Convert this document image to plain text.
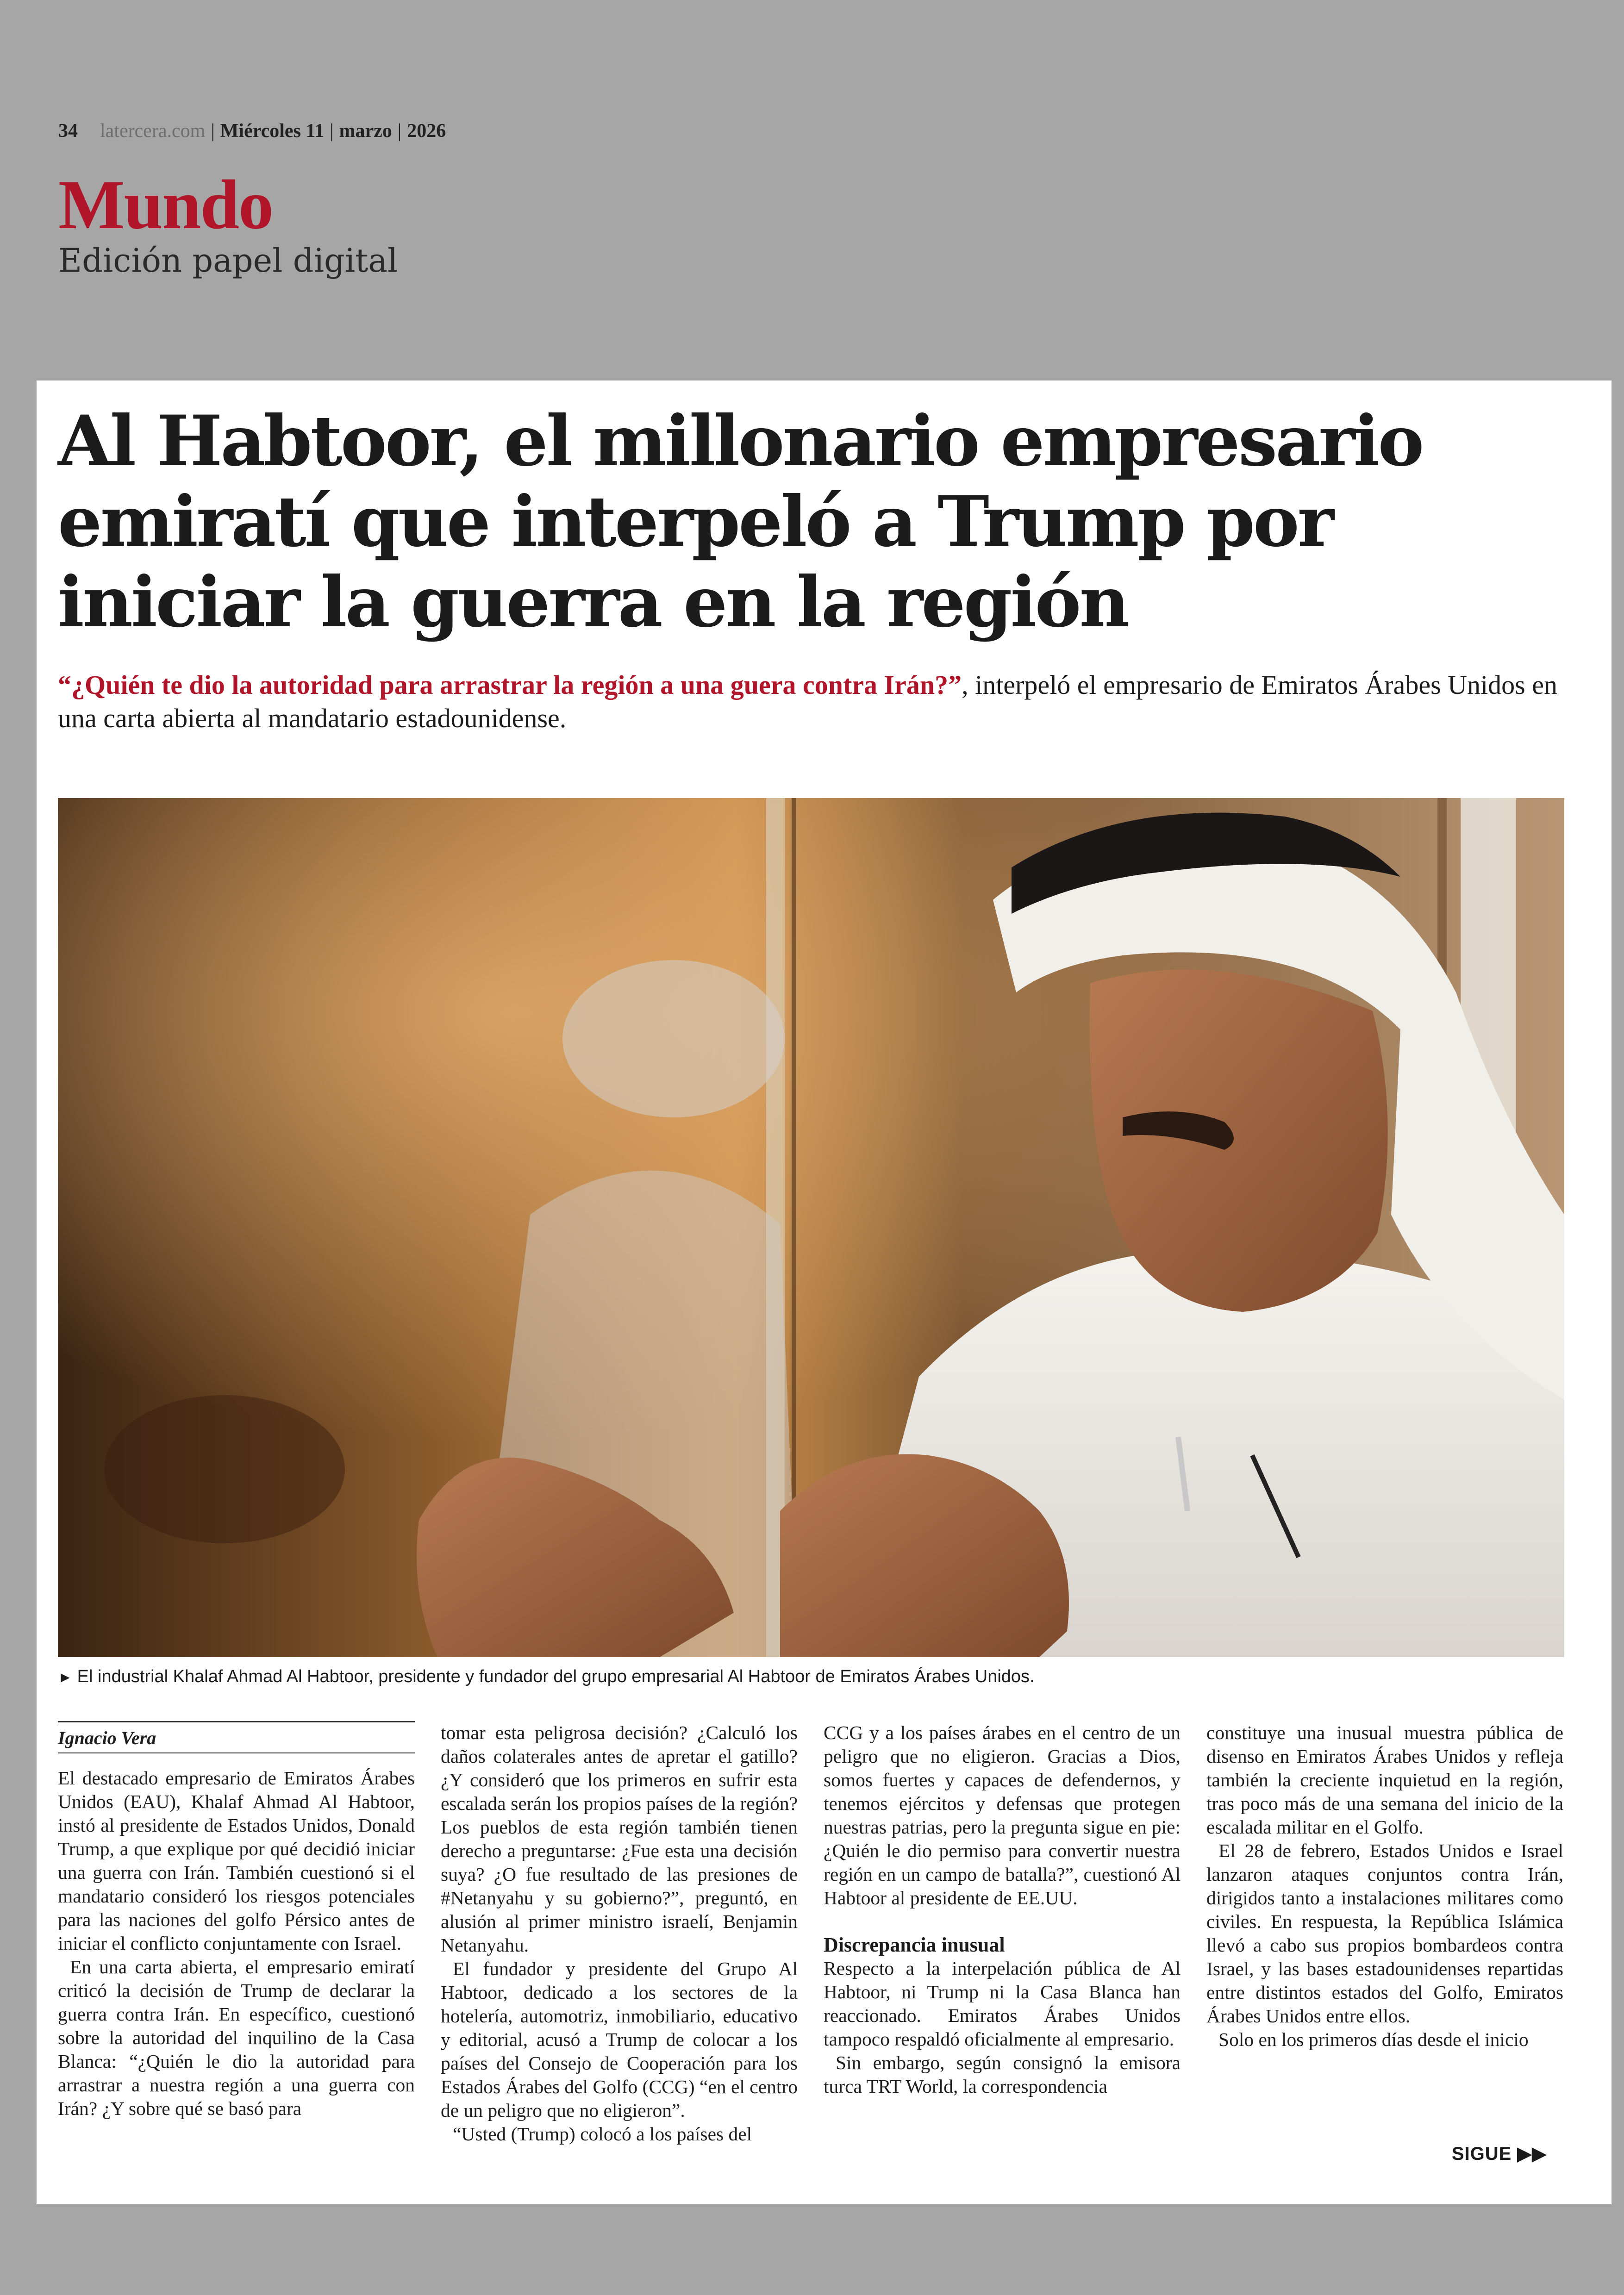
34 latercera.com | Miércoles 11 | marzo | 2026
Mundo
Edición papel digital
Al Habtoor, el millonario empresario emiratí que interpeló a Trump por iniciar la guerra en la región

“¿Quién te dio la autoridad para arrastrar la región a una guera contra Irán?”, interpeló el empresario de Emiratos Árabes Unidos en una carta abierta al mandatario estadounidense.

► El industrial Khalaf Ahmad Al Habtoor, presidente y fundador del grupo empresarial Al Habtoor de Emiratos Árabes Unidos.
Ignacio Vera

El destacado empresario de Emiratos Árabes Unidos (EAU), Khalaf Ahmad Al Habtoor, instó al presidente de Estados Unidos, Donald Trump, a que explique por qué decidió iniciar una guerra con Irán. También cuestionó si el mandatario consideró los riesgos potenciales para las naciones del golfo Pérsico antes de iniciar el conflicto conjuntamente con Israel.

En una carta abierta, el empresario emiratí criticó la decisión de Trump de declarar la guerra contra Irán. En específico, cuestionó sobre la autoridad del inquilino de la Casa Blanca: “¿Quién le dio la autoridad para arrastrar a nuestra región a una guerra con Irán? ¿Y sobre qué se basó para

tomar esta peligrosa decisión? ¿Calculó los daños colaterales antes de apretar el gatillo? ¿Y consideró que los primeros en sufrir esta escalada serán los propios países de la región? Los pueblos de esta región también tienen derecho a preguntarse: ¿Fue esta una decisión suya? ¿O fue resultado de las presiones de #Netanyahu y su gobierno?”, preguntó, en alusión al primer ministro israelí, Benjamin Netanyahu.

El fundador y presidente del Grupo Al Habtoor, dedicado a los sectores de la hotelería, automotriz, inmobiliario, educativo y editorial, acusó a Trump de colocar a los países del Consejo de Cooperación para los Estados Árabes del Golfo (CCG) “en el centro de un peligro que no eligieron”.

“Usted (Trump) colocó a los países del

CCG y a los países árabes en el centro de un peligro que no eligieron. Gracias a Dios, somos fuertes y capaces de defendernos, y tenemos ejércitos y defensas que protegen nuestras patrias, pero la pregunta sigue en pie: ¿Quién le dio permiso para convertir nuestra región en un campo de batalla?”, cuestionó Al Habtoor al presidente de EE.UU.

Discrepancia inusual

Respecto a la interpelación pública de Al Habtoor, ni Trump ni la Casa Blanca han reaccionado. Emiratos Árabes Unidos tampoco respaldó oficialmente al empresario.

Sin embargo, según consignó la emisora turca TRT World, la correspondencia

constituye una inusual muestra pública de disenso en Emiratos Árabes Unidos y refleja también la creciente inquietud en la región, tras poco más de una semana del inicio de la escalada militar en el Golfo.

El 28 de febrero, Estados Unidos e Israel lanzaron ataques conjuntos contra Irán, dirigidos tanto a instalaciones militares como civiles. En respuesta, la República Islámica llevó a cabo sus propios bombardeos contra Israel, y las bases estadounidenses repartidas entre distintos estados del Golfo, Emiratos Árabes Unidos entre ellos.

Solo en los primeros días desde el inicio

SIGUE ▶▶
